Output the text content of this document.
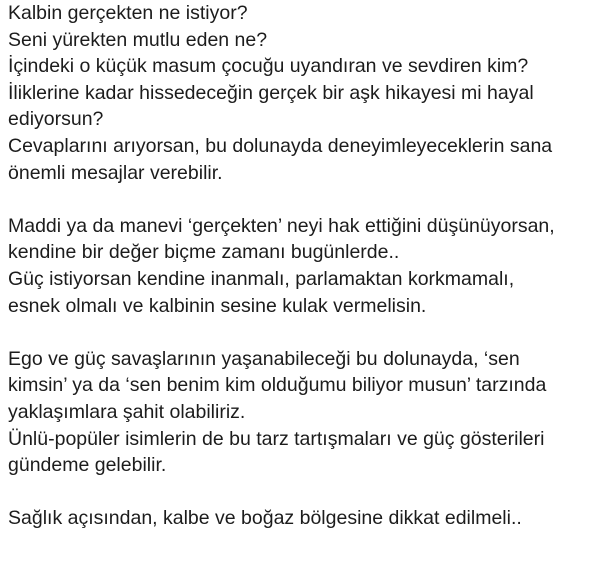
Kalbin gerçekten ne istiyor?
Seni yürekten mutlu eden ne?
İçindeki o küçük masum çocuğu uyandıran ve sevdiren kim?
İliklerine kadar hissedeceğin gerçek bir aşk hikayesi mi hayal
ediyorsun?
Cevaplarını arıyorsan, bu dolunayda deneyimleyeceklerin sana
önemli mesajlar verebilir.
Maddi ya da manevi ‘gerçekten’ neyi hak ettiğini düşünüyorsan,
kendine bir değer biçme zamanı bugünlerde..
Güç istiyorsan kendine inanmalı, parlamaktan korkmamalı,
esnek olmalı ve kalbinin sesine kulak vermelisin.
Ego ve güç savaşlarının yaşanabileceği bu dolunayda, ‘sen
kimsin’ ya da ‘sen benim kim olduğumu biliyor musun’ tarzında
yaklaşımlara şahit olabiliriz.
Ünlü-popüler isimlerin de bu tarz tartışmaları ve güç gösterileri
gündeme gelebilir.
Sağlık açısından, kalbe ve boğaz bölgesine dikkat edilmeli..
